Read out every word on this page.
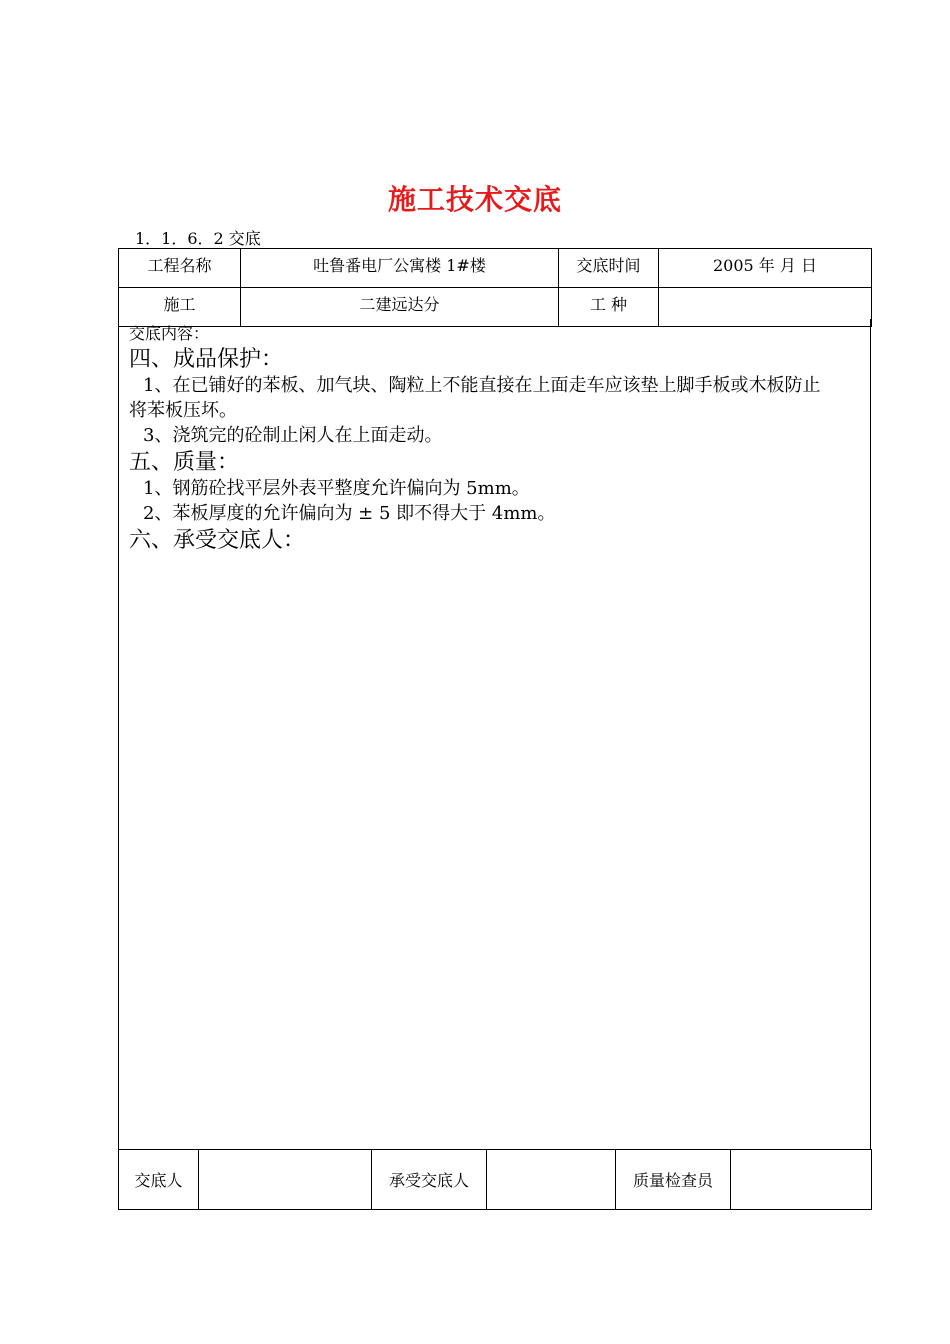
施工技术交底
1．1．6．2 交底
工程名称	吐鲁番电厂公寓楼 1#楼	交底时间	2005 年 月 日
施工	二建远达分	工 种	
交底内容：
四、成品保护：
1、在已铺好的苯板、加气块、陶粒上不能直接在上面走车应该垫上脚手板或木板防止
将苯板压坏。
3、浇筑完的砼制止闲人在上面走动。
五、质量：
1、钢筋砼找平层外表平整度允许偏向为 5mm。
2、苯板厚度的允许偏向为 ± 5 即不得大于 4mm。
六、承受交底人：
交底人		承受交底人		质量检查员	
